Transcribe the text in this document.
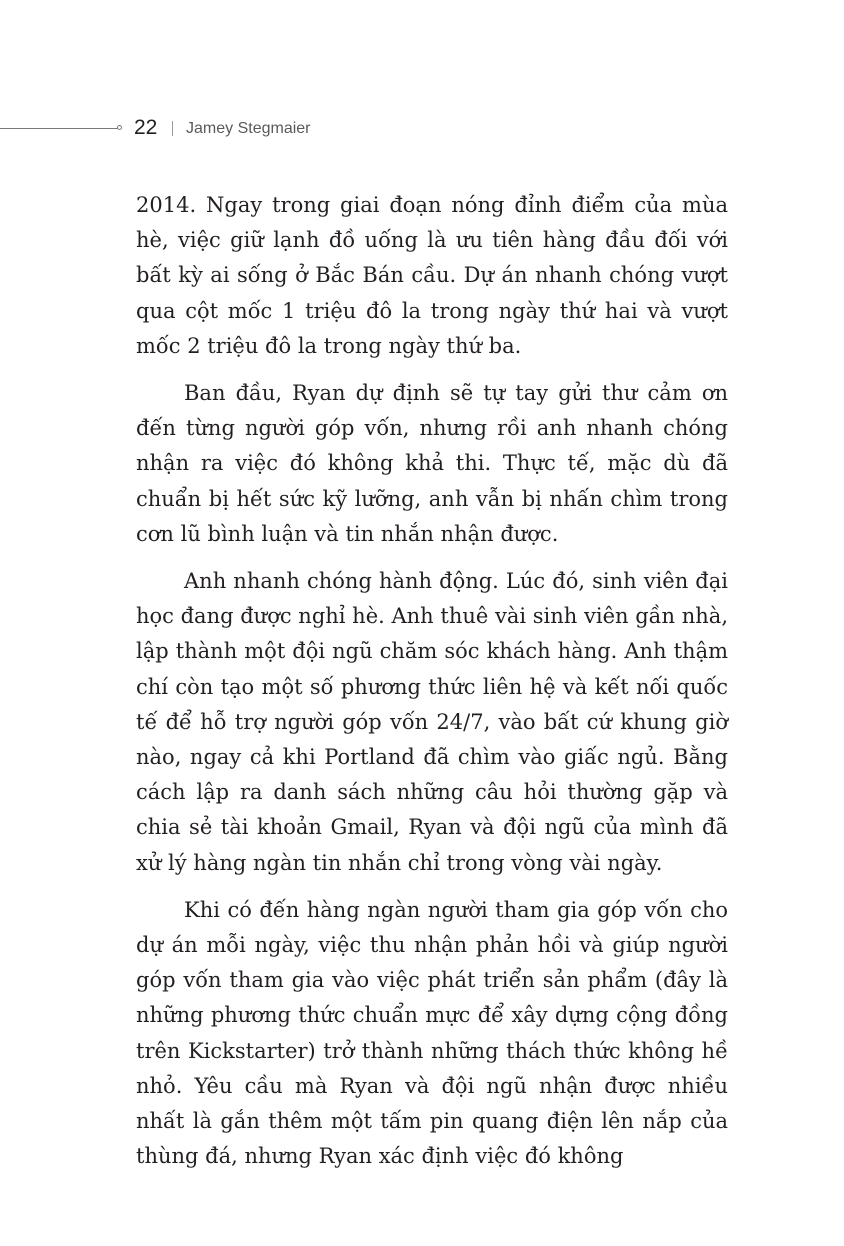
22 Jamey Stegmaier

2014. Ngay trong giai đoạn nóng đỉnh điểm của mùa hè, việc giữ lạnh đồ uống là ưu tiên hàng đầu đối với bất kỳ ai sống ở Bắc Bán cầu. Dự án nhanh chóng vượt qua cột mốc 1 triệu đô la trong ngày thứ hai và vượt mốc 2 triệu đô la trong ngày thứ ba.

Ban đầu, Ryan dự định sẽ tự tay gửi thư cảm ơn đến từng người góp vốn, nhưng rồi anh nhanh chóng nhận ra việc đó không khả thi. Thực tế, mặc dù đã chuẩn bị hết sức kỹ lưỡng, anh vẫn bị nhấn chìm trong cơn lũ bình luận và tin nhắn nhận được.

Anh nhanh chóng hành động. Lúc đó, sinh viên đại học đang được nghỉ hè. Anh thuê vài sinh viên gần nhà, lập thành một đội ngũ chăm sóc khách hàng. Anh thậm chí còn tạo một số phương thức liên hệ và kết nối quốc tế để hỗ trợ người góp vốn 24/7, vào bất cứ khung giờ nào, ngay cả khi Portland đã chìm vào giấc ngủ. Bằng cách lập ra danh sách những câu hỏi thường gặp và chia sẻ tài khoản Gmail, Ryan và đội ngũ của mình đã xử lý hàng ngàn tin nhắn chỉ trong vòng vài ngày.

Khi có đến hàng ngàn người tham gia góp vốn cho dự án mỗi ngày, việc thu nhận phản hồi và giúp người góp vốn tham gia vào việc phát triển sản phẩm (đây là những phương thức chuẩn mực để xây dựng cộng đồng trên Kickstarter) trở thành những thách thức không hề nhỏ. Yêu cầu mà Ryan và đội ngũ nhận được nhiều nhất là gắn thêm một tấm pin quang điện lên nắp của thùng đá, nhưng Ryan xác định việc đó không
